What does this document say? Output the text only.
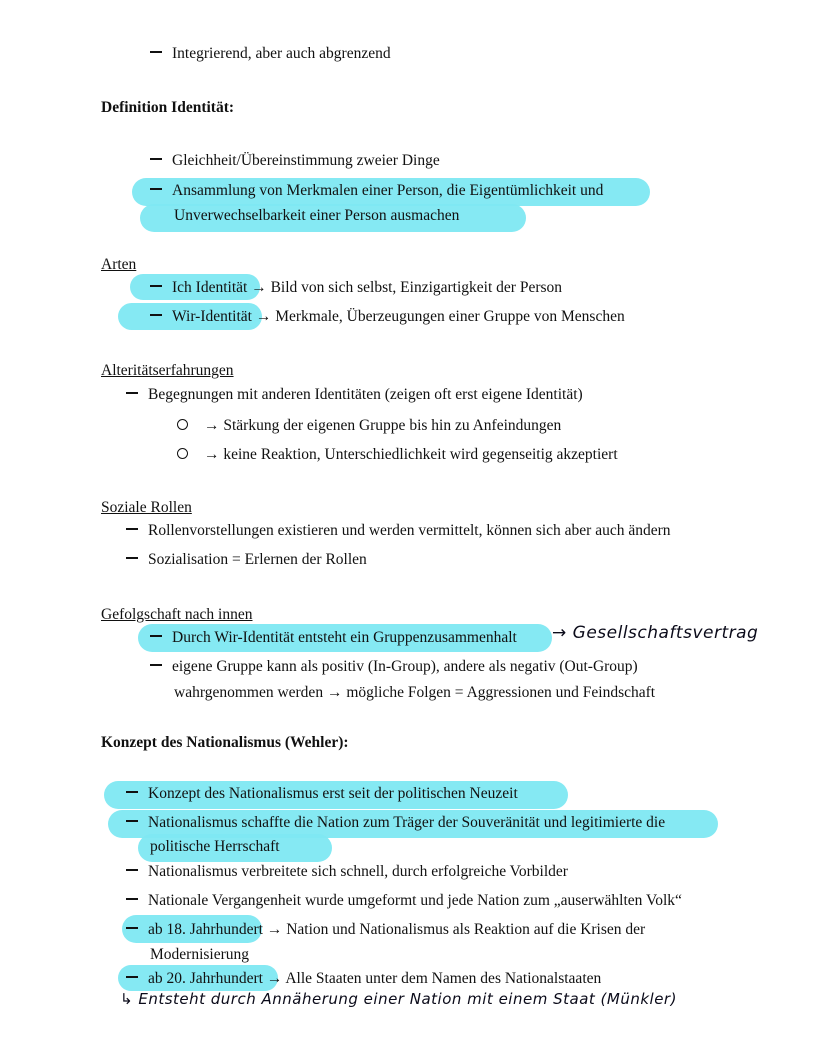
Integrierend, aber auch abgrenzend
Definition Identität:
Gleichheit/Übereinstimmung zweier Dinge
Ansammlung von Merkmalen einer Person, die Eigentümlichkeit und
Unverwechselbarkeit einer Person ausmachen
Arten
Ich Identität → Bild von sich selbst, Einzigartigkeit der Person
Wir-Identität → Merkmale, Überzeugungen einer Gruppe von Menschen
Alteritätserfahrungen
Begegnungen mit anderen Identitäten (zeigen oft erst eigene Identität)
→ Stärkung der eigenen Gruppe bis hin zu Anfeindungen
→ keine Reaktion, Unterschiedlichkeit wird gegenseitig akzeptiert
Soziale Rollen
Rollenvorstellungen existieren und werden vermittelt, können sich aber auch ändern
Sozialisation = Erlernen der Rollen
Gefolgschaft nach innen
Durch Wir-Identität entsteht ein Gruppenzusammenhalt → Gesellschaftsvertrag
eigene Gruppe kann als positiv (In-Group), andere als negativ (Out-Group)
wahrgenommen werden → mögliche Folgen = Aggressionen und Feindschaft
Konzept des Nationalismus (Wehler):
Konzept des Nationalismus erst seit der politischen Neuzeit
Nationalismus schaffte die Nation zum Träger der Souveränität und legitimierte die
politische Herrschaft
Nationalismus verbreitete sich schnell, durch erfolgreiche Vorbilder
Nationale Vergangenheit wurde umgeformt und jede Nation zum „auserwählten Volk“
ab 18. Jahrhundert → Nation und Nationalismus als Reaktion auf die Krisen der
Modernisierung
ab 20. Jahrhundert → Alle Staaten unter dem Namen des Nationalstaaten
↳ Entsteht durch Annäherung einer Nation mit einem Staat (Münkler)
